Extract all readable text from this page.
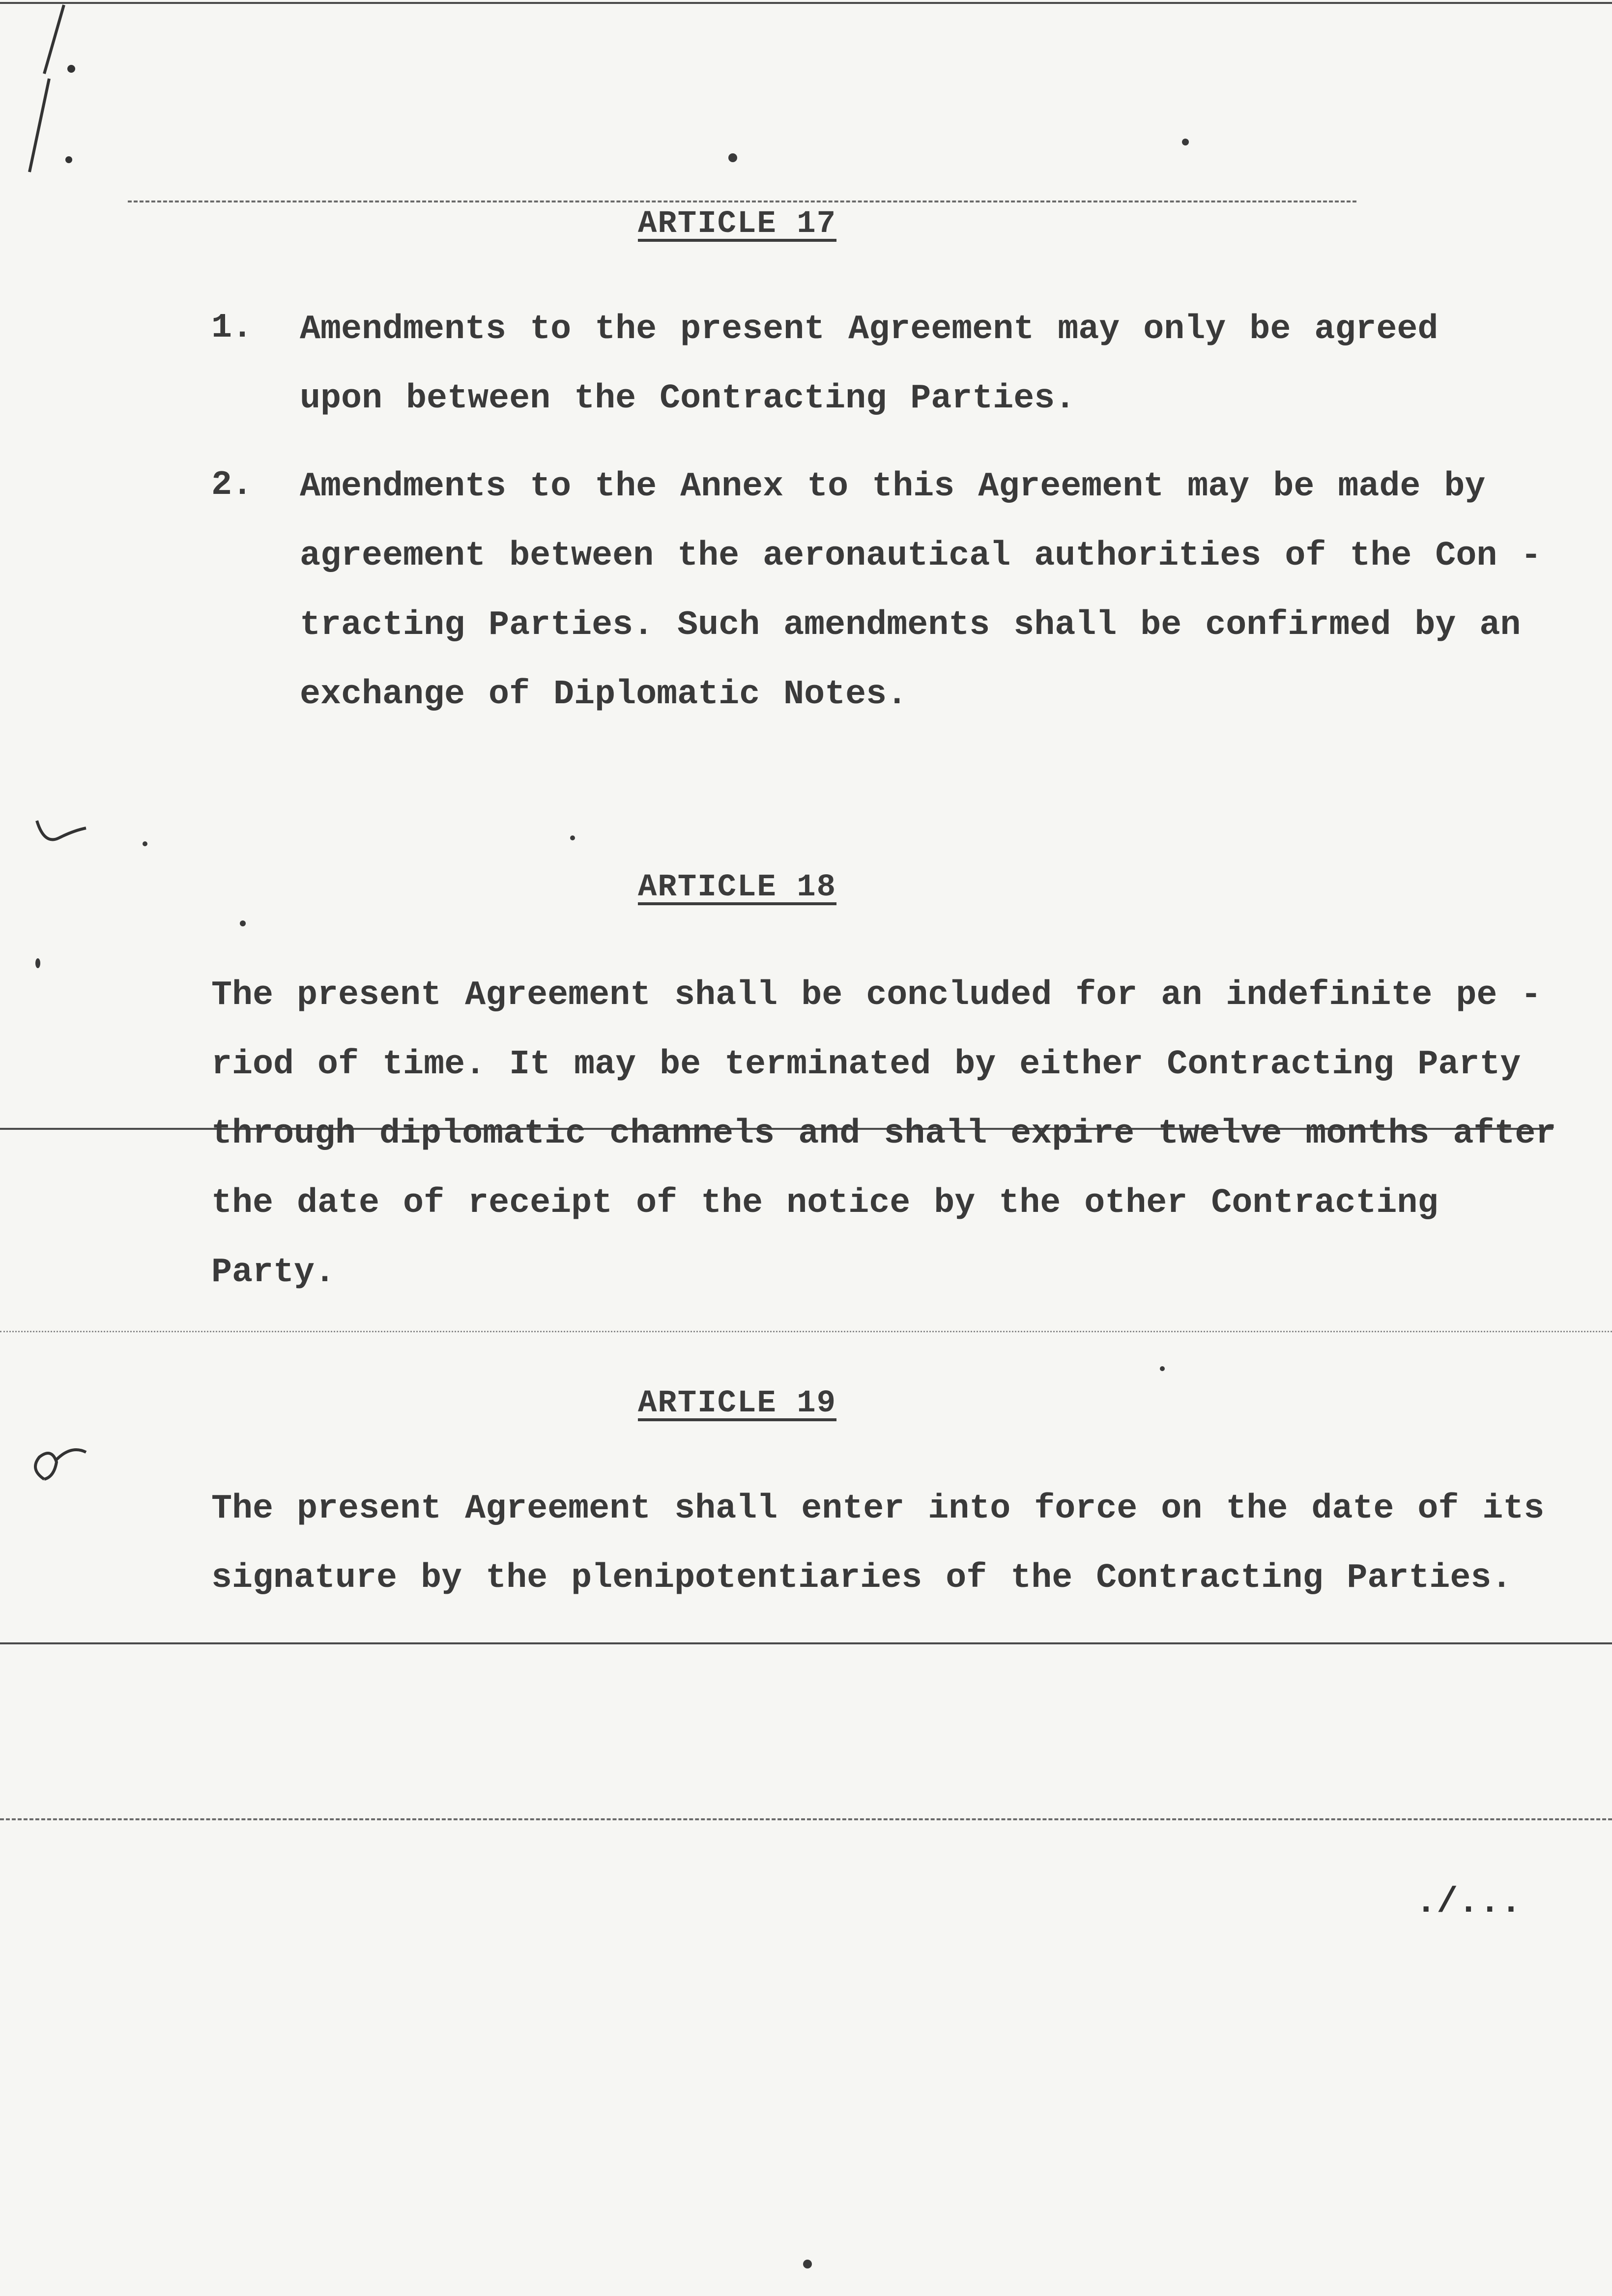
ARTICLE 17
1. Amendments to the present Agreement may only be agreed upon between the Contracting Parties.
2. Amendments to the Annex to this Agreement may be made by agreement between the aeronautical authorities of the Con - tracting Parties. Such amendments shall be confirmed by an exchange of Diplomatic Notes.
ARTICLE 18
The present Agreement shall be concluded for an indefinite pe - riod of time. It may be terminated by either Contracting Party through diplomatic channels and shall expire twelve months after the date of receipt of the notice by the other Contracting Party.
ARTICLE 19
The present Agreement shall enter into force on the date of its signature by the plenipotentiaries of the Contracting Parties.
./...
